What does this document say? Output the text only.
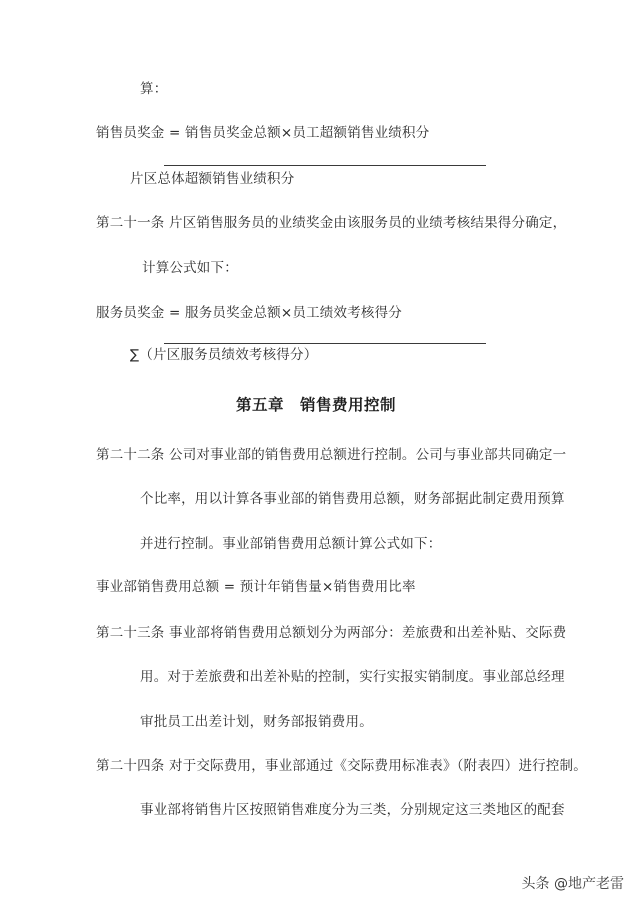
算：
销售员奖金 = 销售员奖金总额×员工超额销售业绩积分
片区总体超额销售业绩积分
第二十一条 片区销售服务员的业绩奖金由该服务员的业绩考核结果得分确定，
计算公式如下：
服务员奖金 = 服务员奖金总额×员工绩效考核得分
∑（片区服务员绩效考核得分）
第五章　销售费用控制
第二十二条 公司对事业部的销售费用总额进行控制。公司与事业部共同确定一
个比率，用以计算各事业部的销售费用总额，财务部据此制定费用预算
并进行控制。事业部销售费用总额计算公式如下：
事业部销售费用总额 = 预计年销售量×销售费用比率
第二十三条 事业部将销售费用总额划分为两部分：差旅费和出差补贴、交际费
用。对于差旅费和出差补贴的控制，实行实报实销制度。事业部总经理
审批员工出差计划，财务部报销费用。
第二十四条 对于交际费用，事业部通过《交际费用标准表》（附表四）进行控制。
事业部将销售片区按照销售难度分为三类，分别规定这三类地区的配套
头条 @地产老雷
